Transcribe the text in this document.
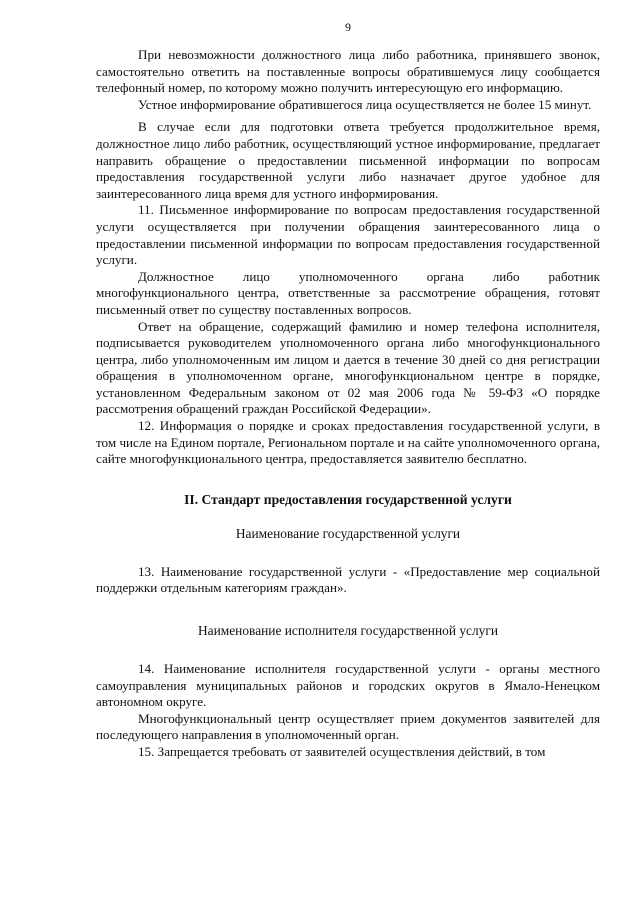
9

При невозможности должностного лица либо работника, принявшего звонок, самостоятельно ответить на поставленные вопросы обратившемуся лицу сообщается телефонный номер, по которому можно получить интересующую его информацию.

Устное информирование обратившегося лица осуществляется не более 15 минут.

В случае если для подготовки ответа требуется продолжительное время, должностное лицо либо работник, осуществляющий устное информирование, предлагает направить обращение о предоставлении письменной информации по вопросам предоставления государственной услуги либо назначает другое удобное для заинтересованного лица время для устного информирования.

11. Письменное информирование по вопросам предоставления государственной услуги осуществляется при получении обращения заинтересованного лица о предоставлении письменной информации по вопросам предоставления государственной услуги.

Должностное лицо уполномоченного органа либо работник многофункционального центра, ответственные за рассмотрение обращения, готовят письменный ответ по существу поставленных вопросов.

Ответ на обращение, содержащий фамилию и номер телефона исполнителя, подписывается руководителем уполномоченного органа либо многофункционального центра, либо уполномоченным им лицом и дается в течение 30 дней со дня регистрации обращения в уполномоченном органе, многофункциональном центре в порядке, установленном Федеральным законом от 02 мая 2006 года № 59-ФЗ «О порядке рассмотрения обращений граждан Российской Федерации».

12. Информация о порядке и сроках предоставления государственной услуги, в том числе на Едином портале, Региональном портале и на сайте уполномоченного органа, сайте многофункционального центра, предоставляется заявителю бесплатно.

II. Стандарт предоставления государственной услуги
Наименование государственной услуги

13. Наименование государственной услуги - «Предоставление мер социальной поддержки отдельным категориям граждан».

Наименование исполнителя государственной услуги

14. Наименование исполнителя государственной услуги - органы местного самоуправления муниципальных районов и городских округов в Ямало-Ненецком автономном округе.

Многофункциональный центр осуществляет прием документов заявителей для последующего направления в уполномоченный орган.

15. Запрещается требовать от заявителей осуществления действий, в том
